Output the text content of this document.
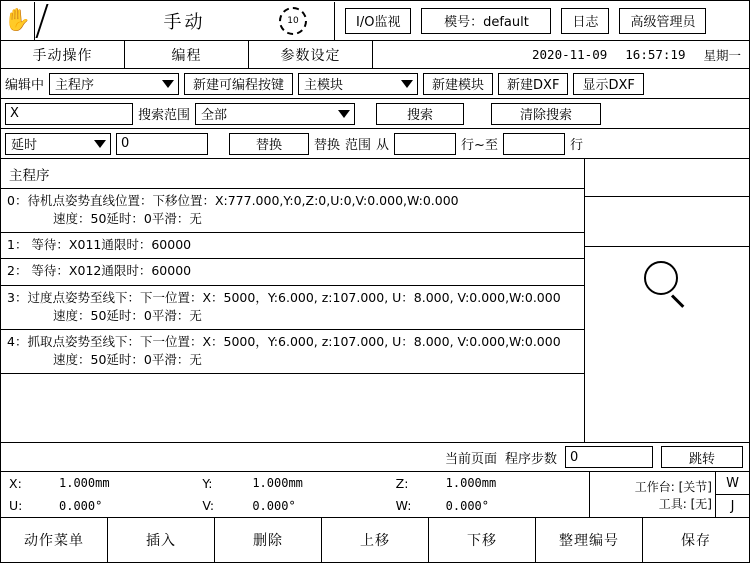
✋	手动	10	I/O监视	模号：default	日志	高级管理员
手动操作	编程	参数设定	2020-11-09 16:57:19 星期一
编辑中 主程序	新建可编程按键	主模块	新建模块	新建DXF	显示DXF
X	搜索范围 全部	搜索	清除搜索
延时	0	替换	替换 范围 从	行~至	行
主程序
0：待机点姿势直线位置：下移位置：X:777.000,Y:0,Z:0,U:0,V:0.000,W:0.000
速度：50延时：0平滑：无
1： 等待：X011通限时：60000
2： 等待：X012通限时：60000
3：过度点姿势至线下：下一位置：X：5000，Y:6.000, z:107.000, U：8.000, V:0.000,W:0.000
速度：50延时：0平滑：无
4：抓取点姿势至线下：下一位置：X：5000，Y:6.000, z:107.000, U：8.000, V:0.000,W:0.000
速度：50延时：0平滑：无
当前页面 程序步数	0	跳转
X:	1.000mm	Y:	1.000mm	Z:	1.000mm
U:	0.000°	V:	0.000°	W:	0.000°
工作台: [关节]
工具: [无]
W
J
动作菜单	插入	删除	上移	下移	整理编号	保存
